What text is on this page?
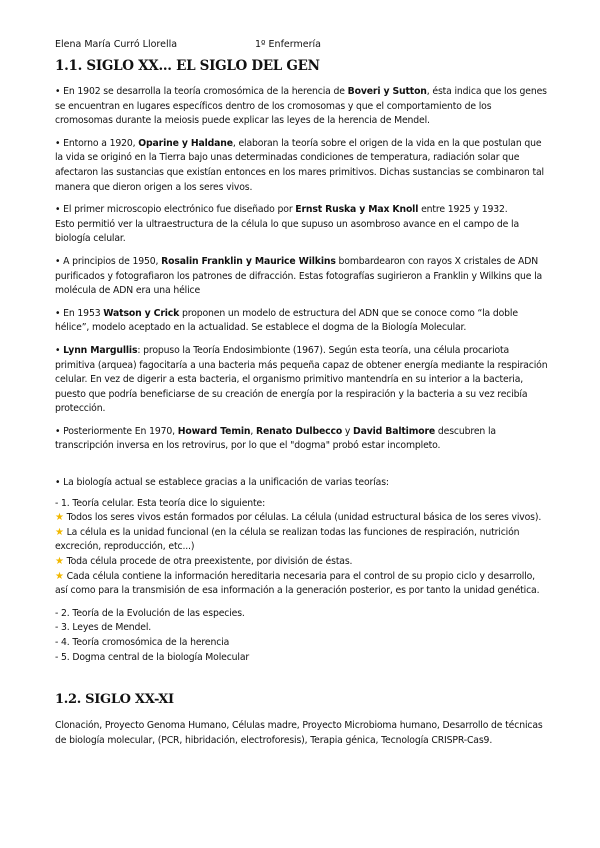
Elena María Curró Llorella	1º Enfermería
1.1. SIGLO XX... EL SIGLO DEL GEN

• En 1902 se desarrolla la teoría cromosómica de la herencia de Boveri y Sutton, ésta indica que los genes se encuentran en lugares específicos dentro de los cromosomas y que el comportamiento de los cromosomas durante la meiosis puede explicar las leyes de la herencia de Mendel.

• Entorno a 1920, Oparine y Haldane, elaboran la teoría sobre el origen de la vida en la que postulan que la vida se originó en la Tierra bajo unas determinadas condiciones de temperatura, radiación solar que afectaron las sustancias que existían entonces en los mares primitivos. Dichas sustancias se combinaron tal manera que dieron origen a los seres vivos.

• El primer microscopio electrónico fue diseñado por Ernst Ruska y Max Knoll entre 1925 y 1932.
Esto permitió ver la ultraestructura de la célula lo que supuso un asombroso avance en el campo de la biología celular.

• A principios de 1950, Rosalin Franklin y Maurice Wilkins bombardearon con rayos X cristales de ADN purificados y fotografiaron los patrones de difracción. Estas fotografías sugirieron a Franklin y Wilkins que la molécula de ADN era una hélice

• En 1953 Watson y Crick proponen un modelo de estructura del ADN que se conoce como “la doble hélice”, modelo aceptado en la actualidad. Se establece el dogma de la Biología Molecular.

• Lynn Margullis: propuso la Teoría Endosimbionte (1967). Según esta teoría, una célula procariota primitiva (arquea) fagocitaría a una bacteria más pequeña capaz de obtener energía mediante la respiración celular. En vez de digerir a esta bacteria, el organismo primitivo mantendría en su interior a la bacteria, puesto que podría beneficiarse de su creación de energía por la respiración y la bacteria a su vez recibía protección.

• Posteriormente En 1970, Howard Temin, Renato Dulbecco y David Baltimore descubren la transcripción inversa en los retrovirus, por lo que el "dogma" probó estar incompleto.

• La biología actual se establece gracias a la unificación de varias teorías:
- 1. Teoría celular. Esta teoría dice lo siguiente:
★ Todos los seres vivos están formados por células. La célula (unidad estructural básica de los seres vivos).
★ La célula es la unidad funcional (en la célula se realizan todas las funciones de respiración, nutrición excreción, reproducción, etc...)
★ Toda célula procede de otra preexistente, por división de éstas.
★ Cada célula contiene la información hereditaria necesaria para el control de su propio ciclo y desarrollo, así como para la transmisión de esa información a la generación posterior, es por tanto la unidad genética.
- 2. Teoría de la Evolución de las especies.
- 3. Leyes de Mendel.
- 4. Teoría cromosómica de la herencia
- 5. Dogma central de la biología Molecular
1.2. SIGLO XX-XI

Clonación, Proyecto Genoma Humano, Células madre, Proyecto Microbioma humano, Desarrollo de técnicas de biología molecular, (PCR, hibridación, electroforesis), Terapia génica, Tecnología CRISPR-Cas9.
